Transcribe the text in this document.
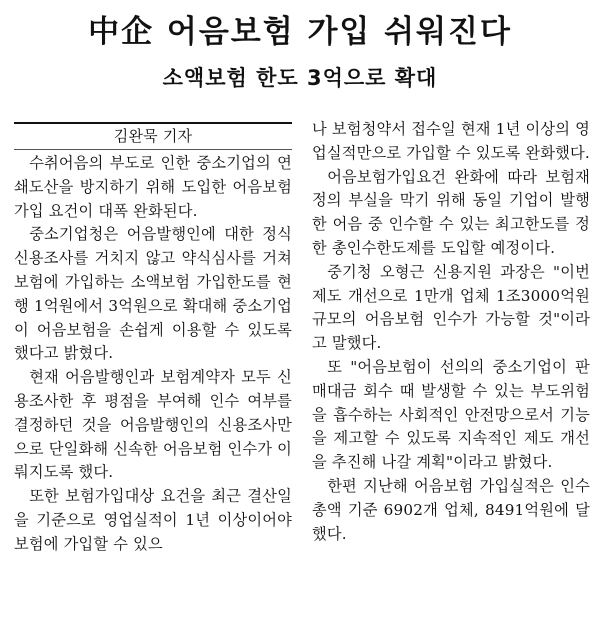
中企 어음보험 가입 쉬워진다
소액보험 한도 3억으로 확대
김완묵 기자

수취어음의 부도로 인한 중소기업의 연쇄도산을 방지하기 위해 도입한 어음보험 가입 요건이 대폭 완화된다.

중소기업청은 어음발행인에 대한 정식 신용조사를 거치지 않고 약식심사를 거쳐 보험에 가입하는 소액보험 가입한도를 현행 1억원에서 3억원으로 확대해 중소기업이 어음보험을 손쉽게 이용할 수 있도록 했다고 밝혔다.

현재 어음발행인과 보험계약자 모두 신용조사한 후 평점을 부여해 인수 여부를 결정하던 것을 어음발행인의 신용조사만으로 단일화해 신속한 어음보험 인수가 이뤄지도록 했다.

또한 보험가입대상 요건을 최근 결산일을 기준으로 영업실적이 1년 이상이어야 보험에 가입할 수 있으

나 보험청약서 접수일 현재 1년 이상의 영업실적만으로 가입할 수 있도록 완화했다.

어음보험가입요건 완화에 따라 보험재정의 부실을 막기 위해 동일 기업이 발행한 어음 중 인수할 수 있는 최고한도를 정한 총인수한도제를 도입할 예정이다.

중기청 오형근 신용지원 과장은 "이번 제도 개선으로 1만개 업체 1조3000억원 규모의 어음보험 인수가 가능할 것"이라고 말했다.

또 "어음보험이 선의의 중소기업이 판매대금 회수 때 발생할 수 있는 부도위험을 흡수하는 사회적인 안전망으로서 기능을 제고할 수 있도록 지속적인 제도 개선을 추진해 나갈 계획"이라고 밝혔다.

한편 지난해 어음보험 가입실적은 인수총액 기준 6902개 업체, 8491억원에 달했다.
